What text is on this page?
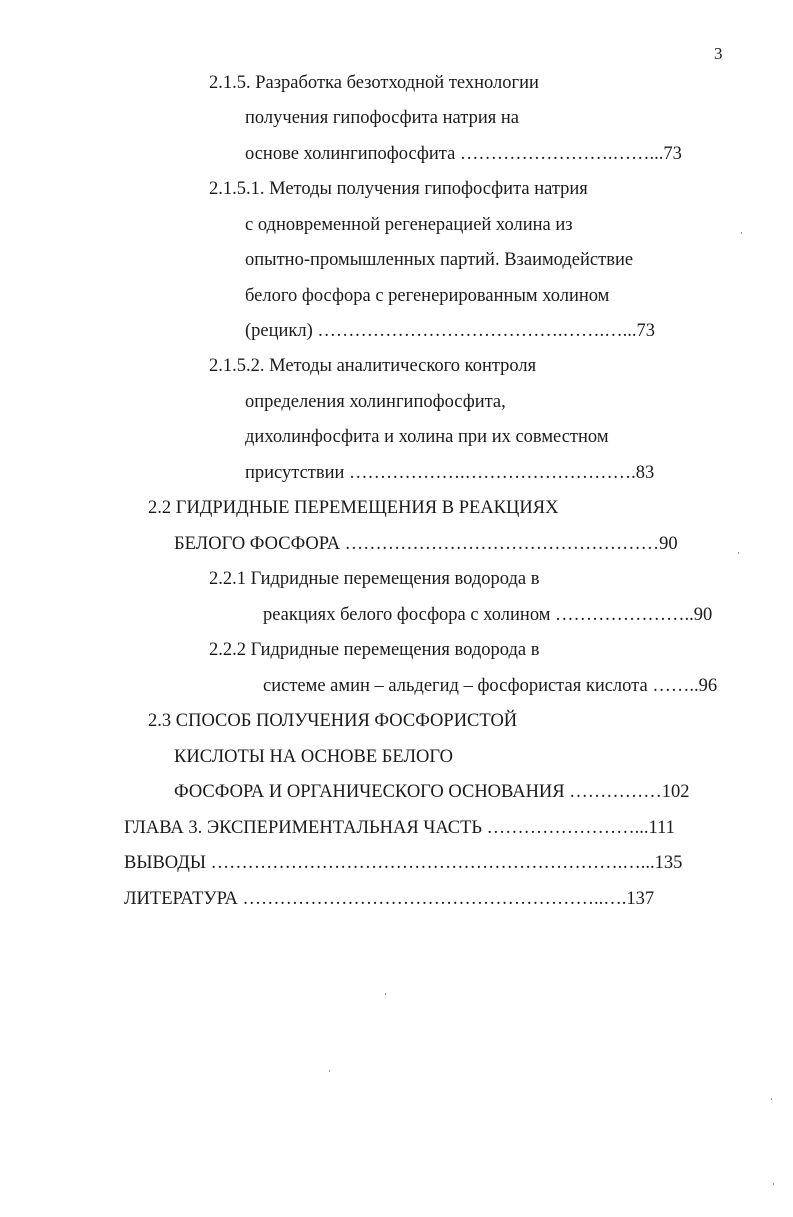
3
2.1.5. Разработка безотходной технологии
получения гипофосфита натрия на
основе холингипофосфита …………………….……...73
2.1.5.1. Методы получения гипофосфита натрия
с одновременной регенерацией холина из
опытно-промышленных партий. Взаимодействие
белого фосфора с регенерированным холином
(рецикл) ………………………………….…….…...73
2.1.5.2. Методы аналитического контроля
определения холингипофосфита,
дихолинфосфита и холина при их совместном
присутствии ……………….……………………….83
2.2 ГИДРИДНЫЕ ПЕРЕМЕЩЕНИЯ В РЕАКЦИЯХ
БЕЛОГО ФОСФОРА ……………………………………………90
2.2.1 Гидридные перемещения водорода в
реакциях белого фосфора с холином …………………..90
2.2.2 Гидридные перемещения водорода в
системе амин – альдегид – фосфористая кислота ……..96
2.3 СПОСОБ ПОЛУЧЕНИЯ ФОСФОРИСТОЙ
КИСЛОТЫ НА ОСНОВЕ БЕЛОГО
ФОСФОРА И ОРГАНИЧЕСКОГО ОСНОВАНИЯ ……………102
ГЛАВА 3. ЭКСПЕРИМЕНТАЛЬНАЯ ЧАСТЬ ……………………...111
ВЫВОДЫ ………………………………………………………….…...135
ЛИТЕРАТУРА …………………………………………………..….137
